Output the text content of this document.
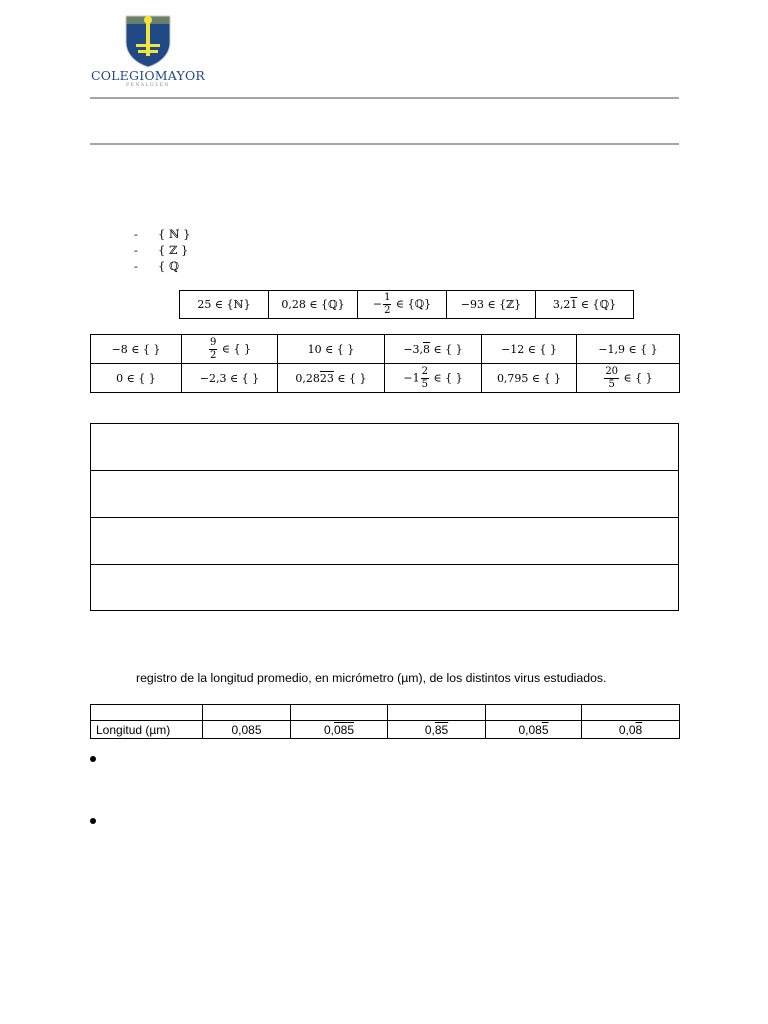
COLEGIOMAYOR
PEÑALOLÉN
- { ℕ }
- { ℤ }
- { ℚ
25 ∈ {ℕ}	0,28 ∈ {ℚ}	− $\frac{1}{2}$ ∈ {ℚ}	−93 ∈ {ℤ}	3,21 ∈ {ℚ}
−8 ∈ { }	$\frac{9}{2}$ ∈ { }	10 ∈ { }	−3,8 ∈ { }	−12 ∈ { }	−1,9 ∈ { }
0 ∈ { }	−2,3 ∈ { }	0,2823 ∈ { }	$-1 \frac{2}{5}$ ∈ { }	0,795 ∈ { }	$\frac{20}{5}$ ∈ { }
registro de la longitud promedio, en micrómetro (µm), de los distintos virus estudiados.

Longitud (µm)	0,085	0,085	0,85	0,085	0,08
